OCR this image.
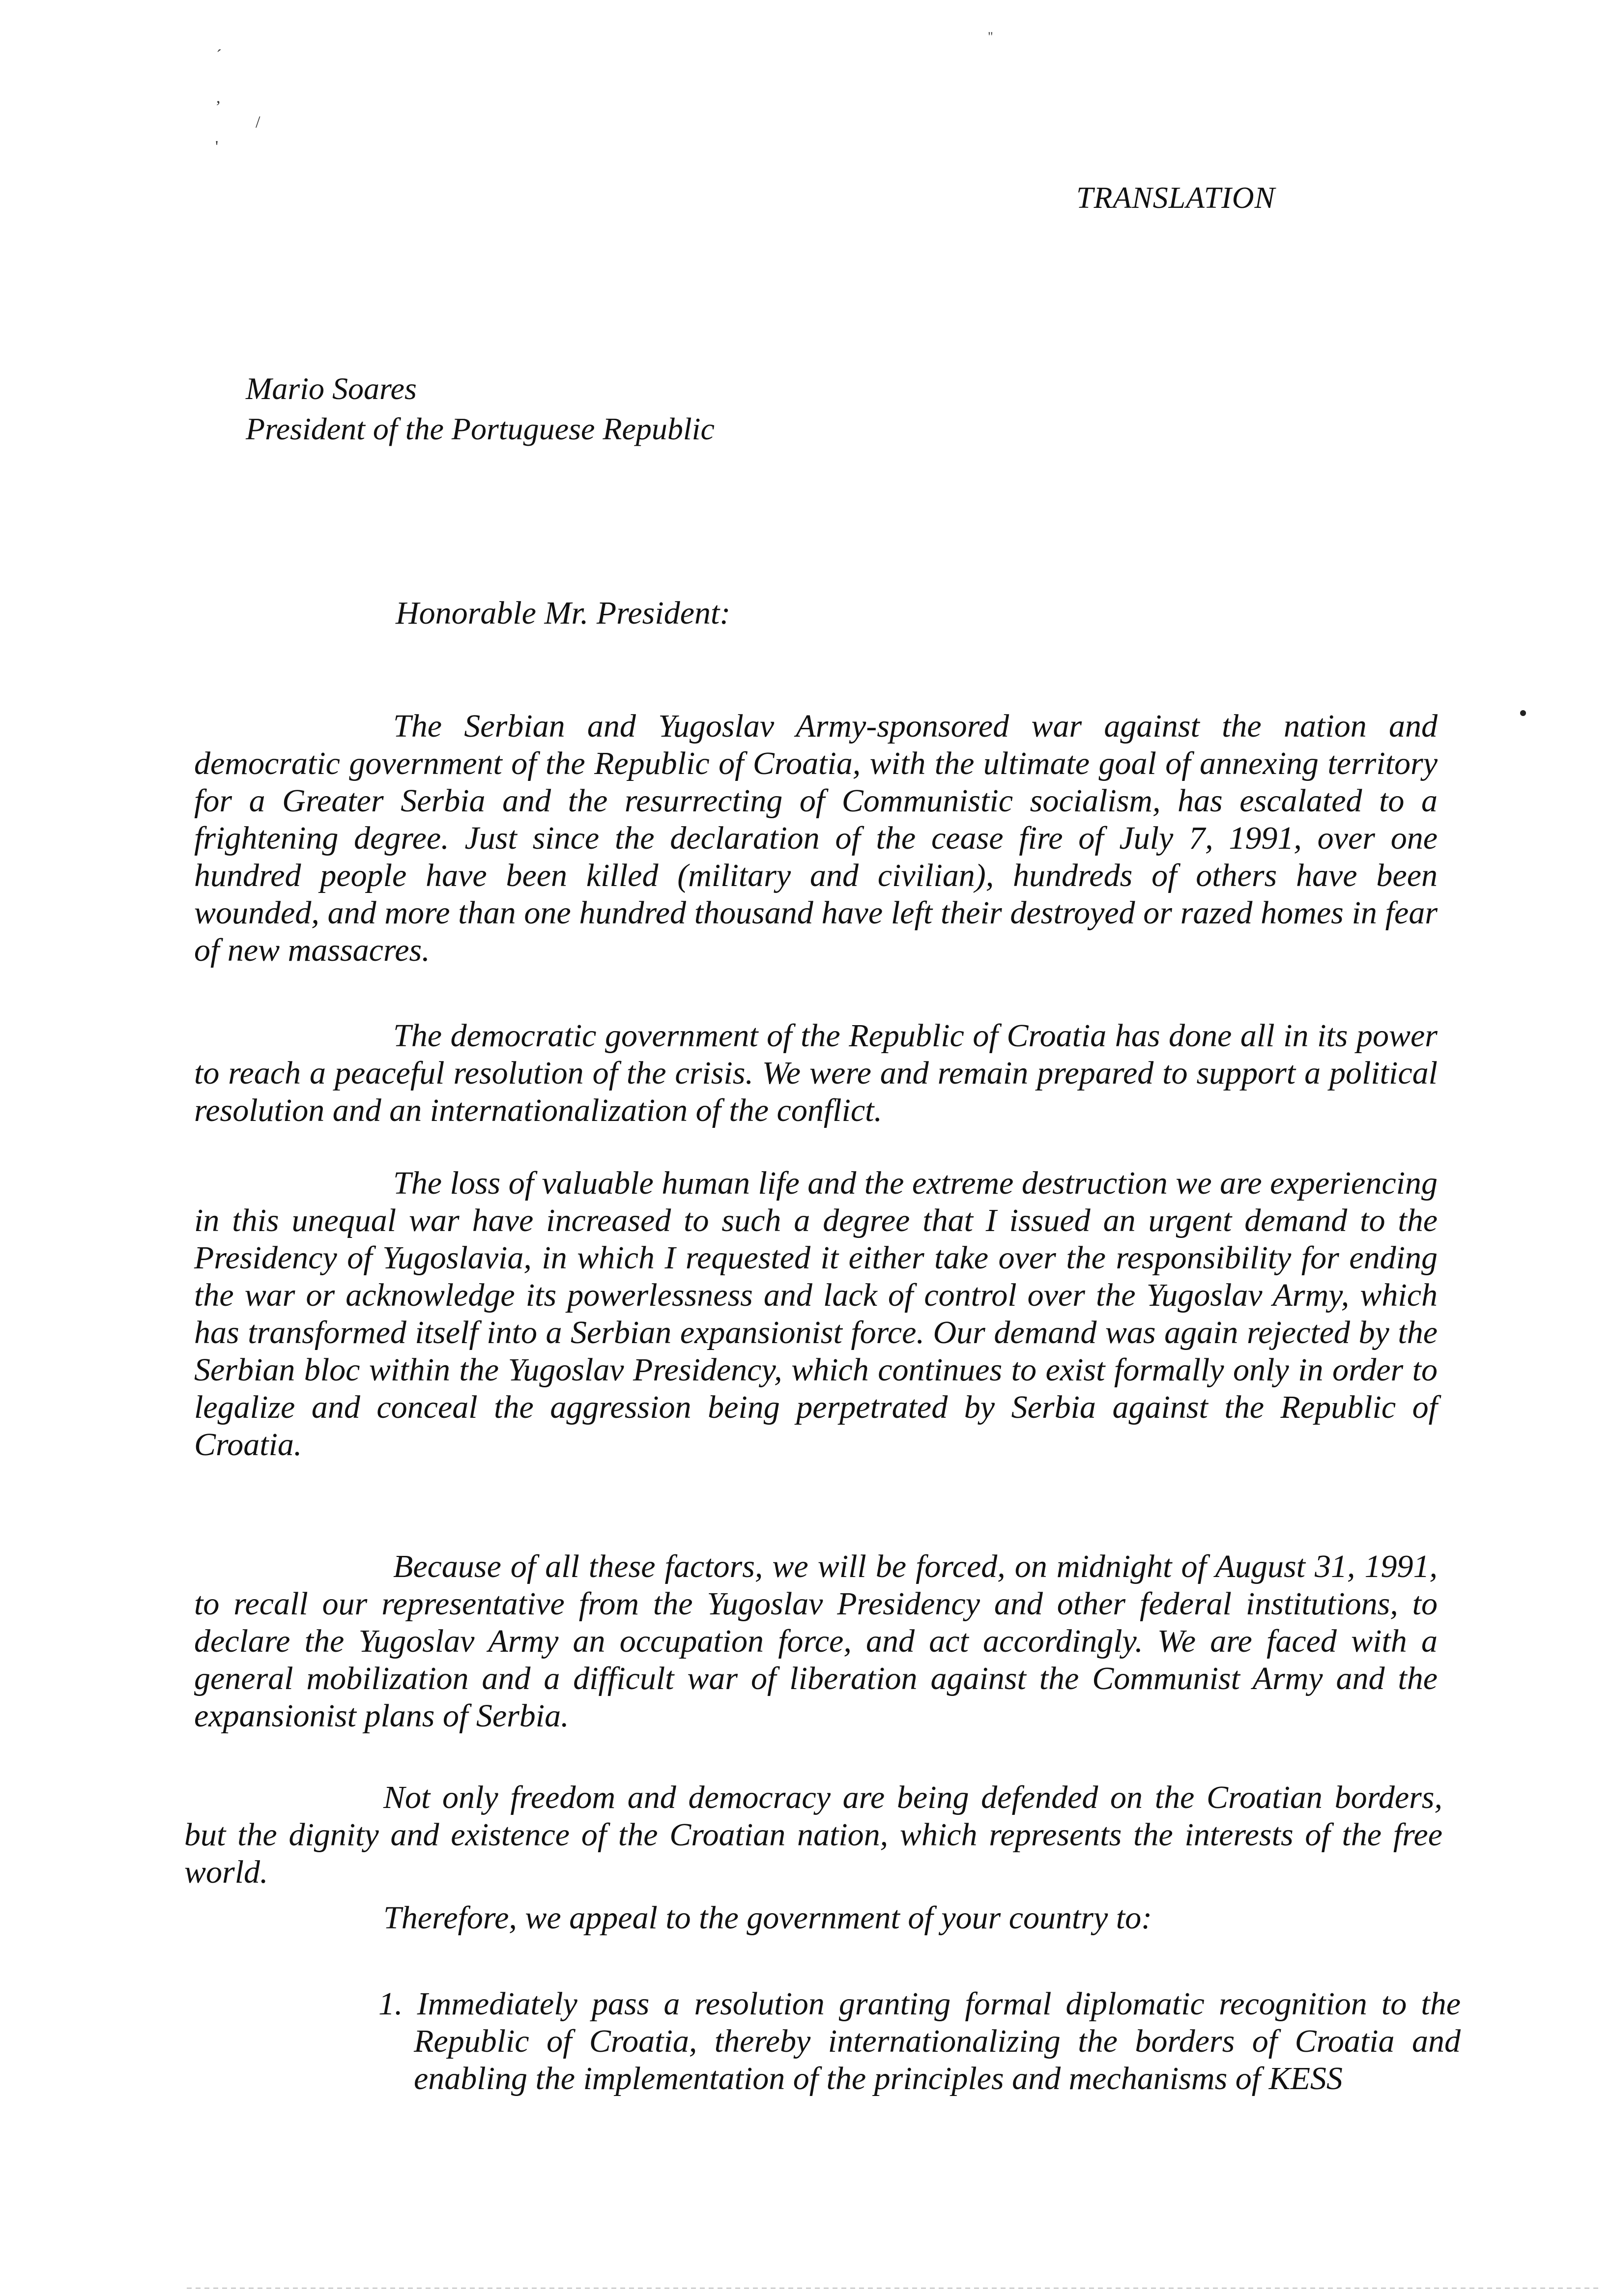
´
,
/
'
"
TRANSLATION
Mario Soares
President of the Portuguese Republic
Honorable Mr. President:

The Serbian and Yugoslav Army-sponsored war against the nation and democratic government of the Republic of Croatia, with the ultimate goal of annexing territory for a Greater Serbia and the resurrecting of Communistic socialism, has escalated to a frightening degree. Just since the declaration of the cease fire of July 7, 1991, over one hundred people have been killed (military and civilian), hundreds of others have been wounded, and more than one hundred thousand have left their destroyed or razed homes in fear of new massacres.

The democratic government of the Republic of Croatia has done all in its power to reach a peaceful resolution of the crisis. We were and remain prepared to support a political resolution and an internationalization of the conflict.

The loss of valuable human life and the extreme destruction we are experiencing in this unequal war have increased to such a degree that I issued an urgent demand to the Presidency of Yugoslavia, in which I requested it either take over the responsibility for ending the war or acknowledge its powerlessness and lack of control over the Yugoslav Army, which has transformed itself into a Serbian expansionist force. Our demand was again rejected by the Serbian bloc within the Yugoslav Presidency, which continues to exist formally only in order to legalize and conceal the aggression being perpetrated by Serbia against the Republic of Croatia.

Because of all these factors, we will be forced, on midnight of August 31, 1991, to recall our representative from the Yugoslav Presidency and other federal institutions, to declare the Yugoslav Army an occupation force, and act accordingly. We are faced with a general mobilization and a difficult war of liberation against the Communist Army and the expansionist plans of Serbia.

Not only freedom and democracy are being defended on the Croatian borders, but the dignity and existence of the Croatian nation, which represents the interests of the free world.

Therefore, we appeal to the government of your country to:

1. Immediately pass a resolution granting formal diplomatic recognition to the Republic of Croatia, thereby internationalizing the borders of Croatia and enabling the implementation of the principles and mechanisms of KESS
